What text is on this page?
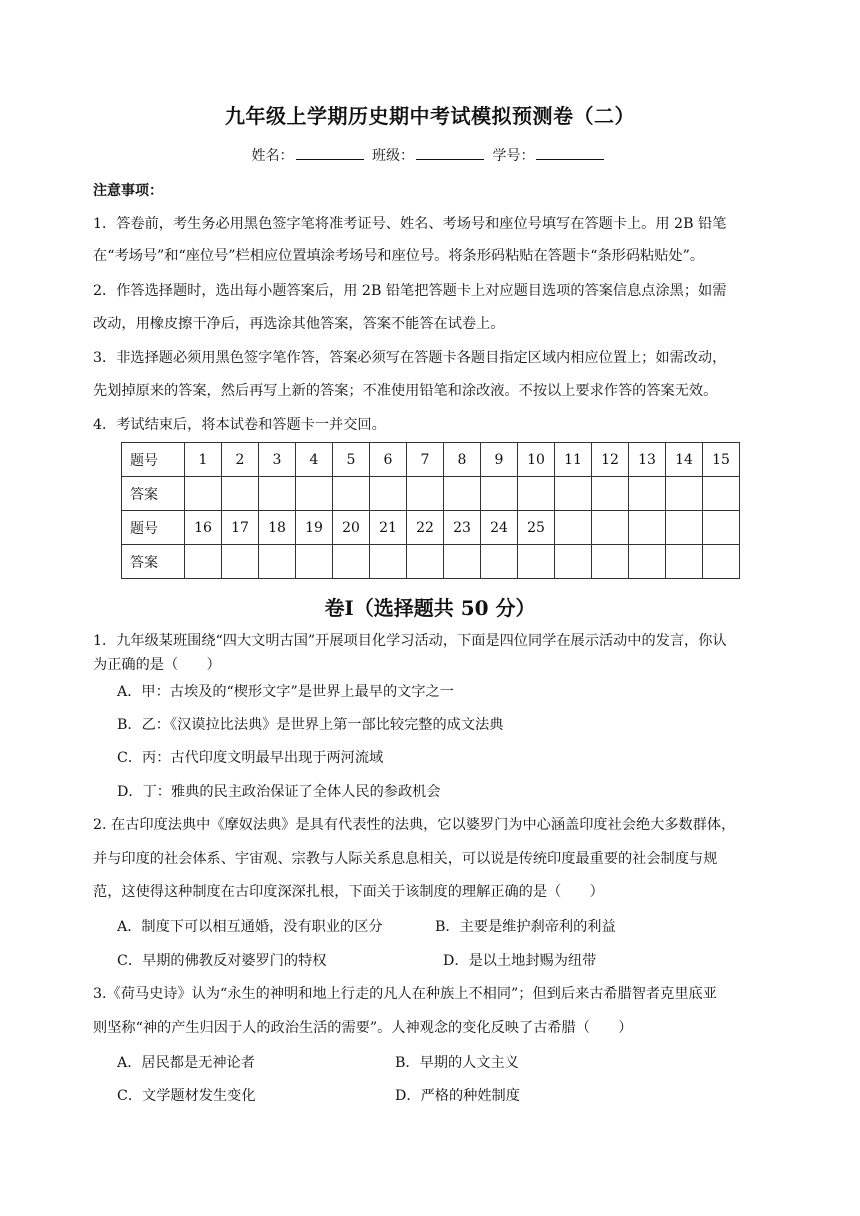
九年级上学期历史期中考试模拟预测卷（二）
姓名：	班级：	学号：
注意事项：
1．答卷前，考生务必用黑色签字笔将准考证号、姓名、考场号和座位号填写在答题卡上。用 2B 铅笔
在“考场号”和“座位号”栏相应位置填涂考场号和座位号。将条形码粘贴在答题卡“条形码粘贴处”。
2．作答选择题时，选出每小题答案后，用 2B 铅笔把答题卡上对应题目选项的答案信息点涂黑；如需
改动，用橡皮擦干净后，再选涂其他答案，答案不能答在试卷上。
3．非选择题必须用黑色签字笔作答，答案必须写在答题卡各题目指定区域内相应位置上；如需改动，
先划掉原来的答案，然后再写上新的答案；不准使用铅笔和涂改液。不按以上要求作答的答案无效。
4．考试结束后，将本试卷和答题卡一并交回。
题号	1	2	3	4	5	6	7	8	9	10	11	12	13	14	15
答案															
题号	16	17	18	19	20	21	22	23	24	25					
答案															
卷Ⅰ（选择题共 50 分）
1．九年级某班围绕“四大文明古国”开展项目化学习活动，下面是四位同学在展示活动中的发言，你认
为正确的是（　　）
A．甲：古埃及的“楔形文字”是世界上最早的文字之一
B．乙：《汉谟拉比法典》是世界上第一部比较完整的成文法典
C．丙：古代印度文明最早出现于两河流域
D．丁：雅典的民主政治保证了全体人民的参政机会
2. 在古印度法典中《摩奴法典》是具有代表性的法典，它以婆罗门为中心涵盖印度社会绝大多数群体，
并与印度的社会体系、宇宙观、宗教与人际关系息息相关，可以说是传统印度最重要的社会制度与规
范，这使得这种制度在古印度深深扎根，下面关于该制度的理解正确的是（　　）
A．制度下可以相互通婚，没有职业的区分	B．主要是维护刹帝利的利益
C．早期的佛教反对婆罗门的特权	D．是以土地封赐为纽带
3.《荷马史诗》认为“永生的神明和地上行走的凡人在种族上不相同”；但到后来古希腊智者克里底亚
则坚称“神的产生归因于人的政治生活的需要”。人神观念的变化反映了古希腊（　　）
A．居民都是无神论者	B．早期的人文主义
C．文学题材发生变化	D．严格的种姓制度
